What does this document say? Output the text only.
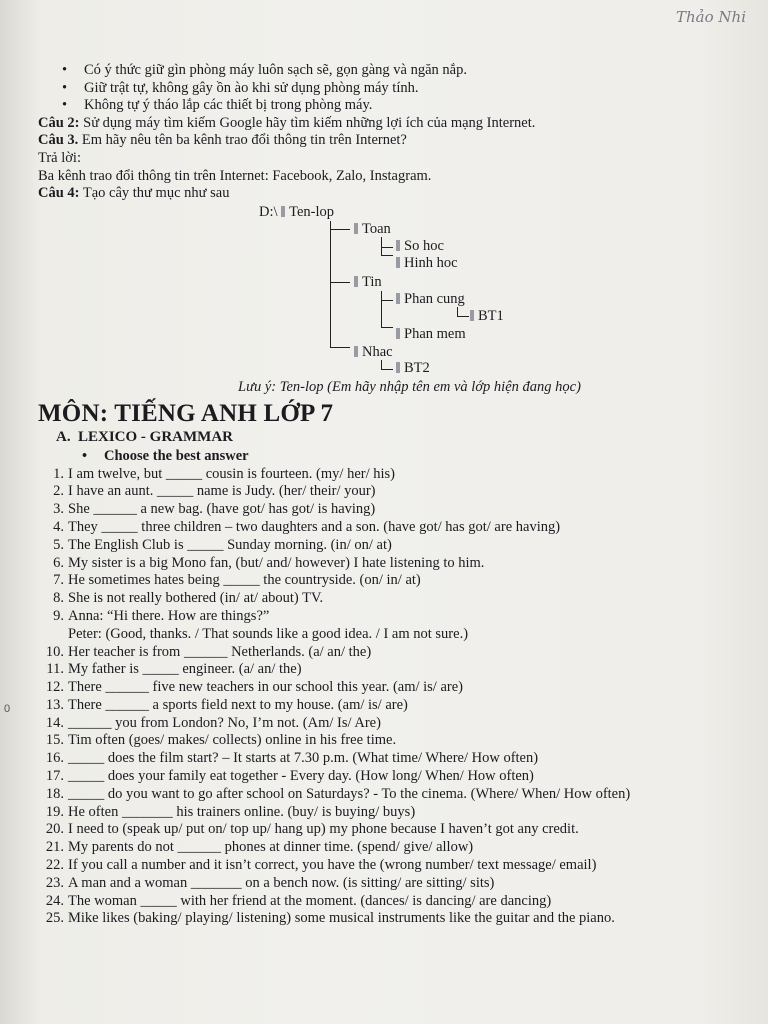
Thảo Nhi
0
• Có ý thức giữ gìn phòng máy luôn sạch sẽ, gọn gàng và ngăn nắp.
• Giữ trật tự, không gây ồn ào khi sử dụng phòng máy tính.
• Không tự ý tháo lắp các thiết bị trong phòng máy.

Câu 2: Sử dụng máy tìm kiếm Google hãy tìm kiếm những lợi ích của mạng Internet.

Câu 3. Em hãy nêu tên ba kênh trao đổi thông tin trên Internet?

Trả lời:

Ba kênh trao đổi thông tin trên Internet: Facebook, Zalo, Instagram.

Câu 4: Tạo cây thư mục như sau

D:\ Ten-lop
Toan
So hoc
Hinh hoc
Tin
Phan cung
BT1
Phan mem
Nhac
BT2

Lưu ý: Ten-lop (Em hãy nhập tên em và lớp hiện đang học)

MÔN: TIẾNG ANH LỚP 7
A. LEXICO - GRAMMAR
• Choose the best answer
1. I am twelve, but _____ cousin is fourteen. (my/ her/ his)
2. I have an aunt. _____ name is Judy. (her/ their/ your)
3. She ______ a new bag. (have got/ has got/ is having)
4. They _____ three children – two daughters and a son. (have got/ has got/ are having)
5. The English Club is _____ Sunday morning. (in/ on/ at)
6. My sister is a big Mono fan, (but/ and/ however) I hate listening to him.
7. He sometimes hates being _____ the countryside. (on/ in/ at)
8. She is not really bothered (in/ at/ about) TV.
9. Anna: “Hi there. How are things?”
Peter: (Good, thanks. / That sounds like a good idea. / I am not sure.)
10. Her teacher is from ______ Netherlands. (a/ an/ the)
11. My father is _____ engineer. (a/ an/ the)
12. There ______ five new teachers in our school this year. (am/ is/ are)
13. There ______ a sports field next to my house. (am/ is/ are)
14. ______ you from London? No, I’m not. (Am/ Is/ Are)
15. Tim often (goes/ makes/ collects) online in his free time.
16. _____ does the film start? – It starts at 7.30 p.m. (What time/ Where/ How often)
17. _____ does your family eat together - Every day. (How long/ When/ How often)
18. _____ do you want to go after school on Saturdays? - To the cinema. (Where/ When/ How often)
19. He often _______ his trainers online. (buy/ is buying/ buys)
20. I need to (speak up/ put on/ top up/ hang up) my phone because I haven’t got any credit.
21. My parents do not ______ phones at dinner time. (spend/ give/ allow)
22. If you call a number and it isn’t correct, you have the (wrong number/ text message/ email)
23. A man and a woman _______ on a bench now. (is sitting/ are sitting/ sits)
24. The woman _____ with her friend at the moment. (dances/ is dancing/ are dancing)
25. Mike likes (baking/ playing/ listening) some musical instruments like the guitar and the piano.
